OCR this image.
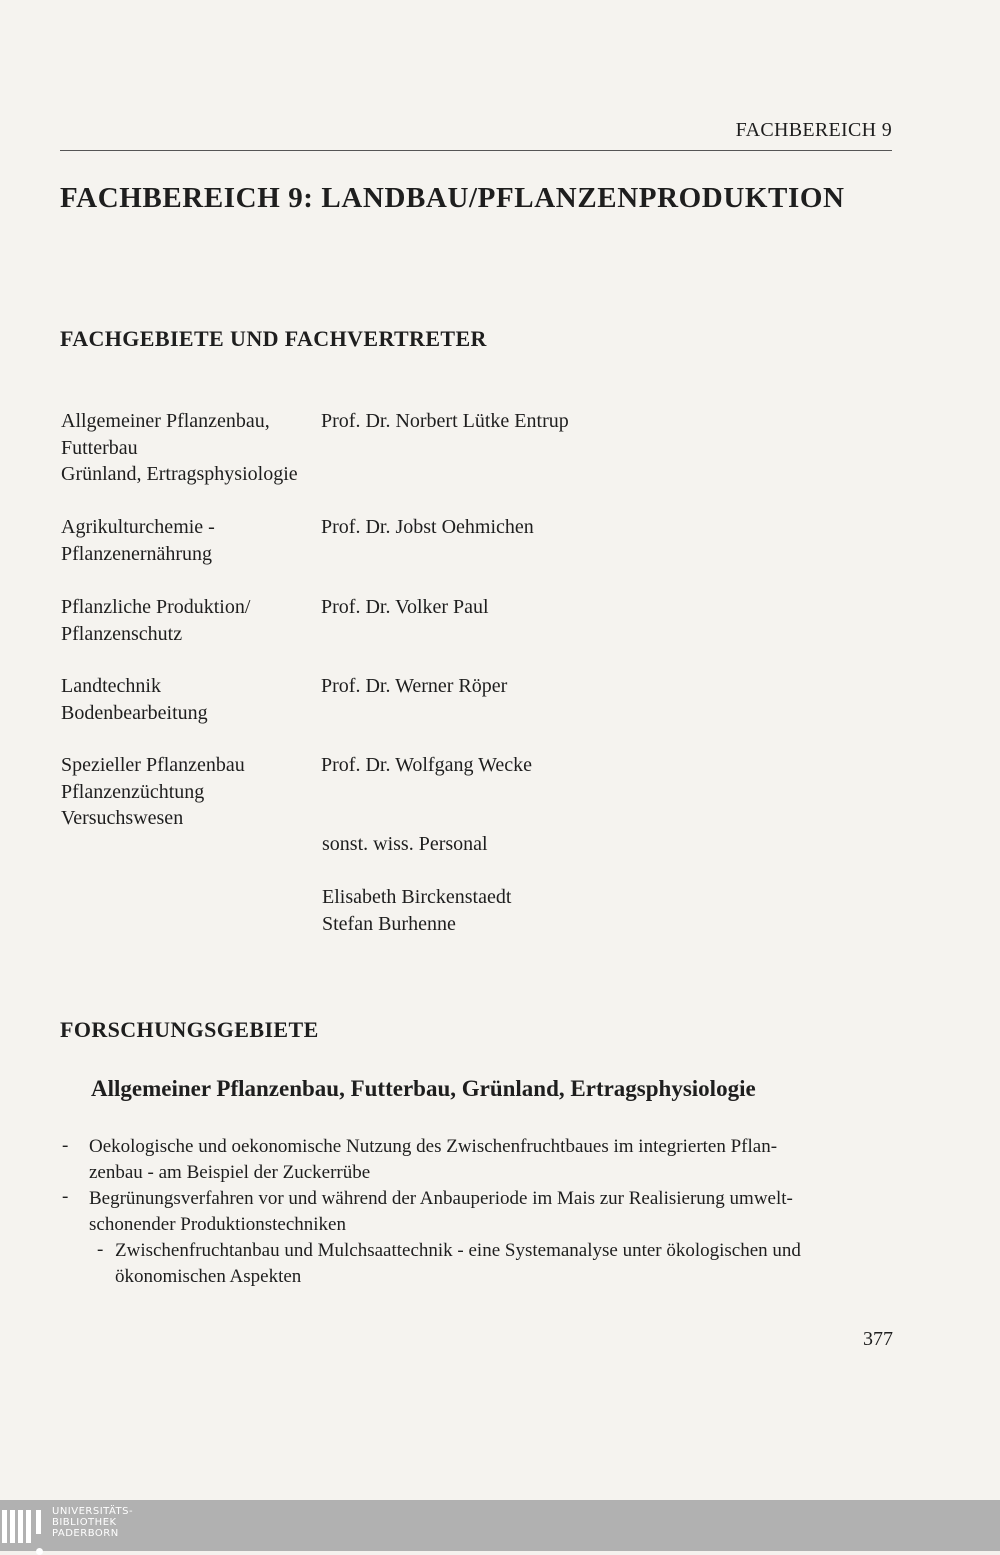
FACHBEREICH 9
FACHBEREICH 9: LANDBAU/PFLANZENPRODUKTION
FACHGEBIETE UND FACHVERTRETER
Allgemeiner Pflanzenbau,
Futterbau
Grünland, Ertragsphysiologie
Prof. Dr. Norbert Lütke Entrup
Agrikulturchemie -
Pflanzenernährung
Prof. Dr. Jobst Oehmichen
Pflanzliche Produktion/
Pflanzenschutz
Prof. Dr. Volker Paul
Landtechnik
Bodenbearbeitung
Prof. Dr. Werner Röper
Spezieller Pflanzenbau
Pflanzenzüchtung
Versuchswesen
Prof. Dr. Wolfgang Wecke
sonst. wiss. Personal
Elisabeth Birckenstaedt
Stefan Burhenne
FORSCHUNGSGEBIETE
Allgemeiner Pflanzenbau, Futterbau, Grünland, Ertragsphysiologie
- Oekologische und oekonomische Nutzung des Zwischenfruchtbaues im integrierten Pflan-
zenbau - am Beispiel der Zuckerrübe
- Begrünungsverfahren vor und während der Anbauperiode im Mais zur Realisierung umwelt-
schonender Produktionstechniken
- Zwischenfruchtanbau und Mulchsaattechnik - eine Systemanalyse unter ökologischen und
ökonomischen Aspekten
377
UNIVERSITÄTS-
BIBLIOTHEK
PADERBORN
